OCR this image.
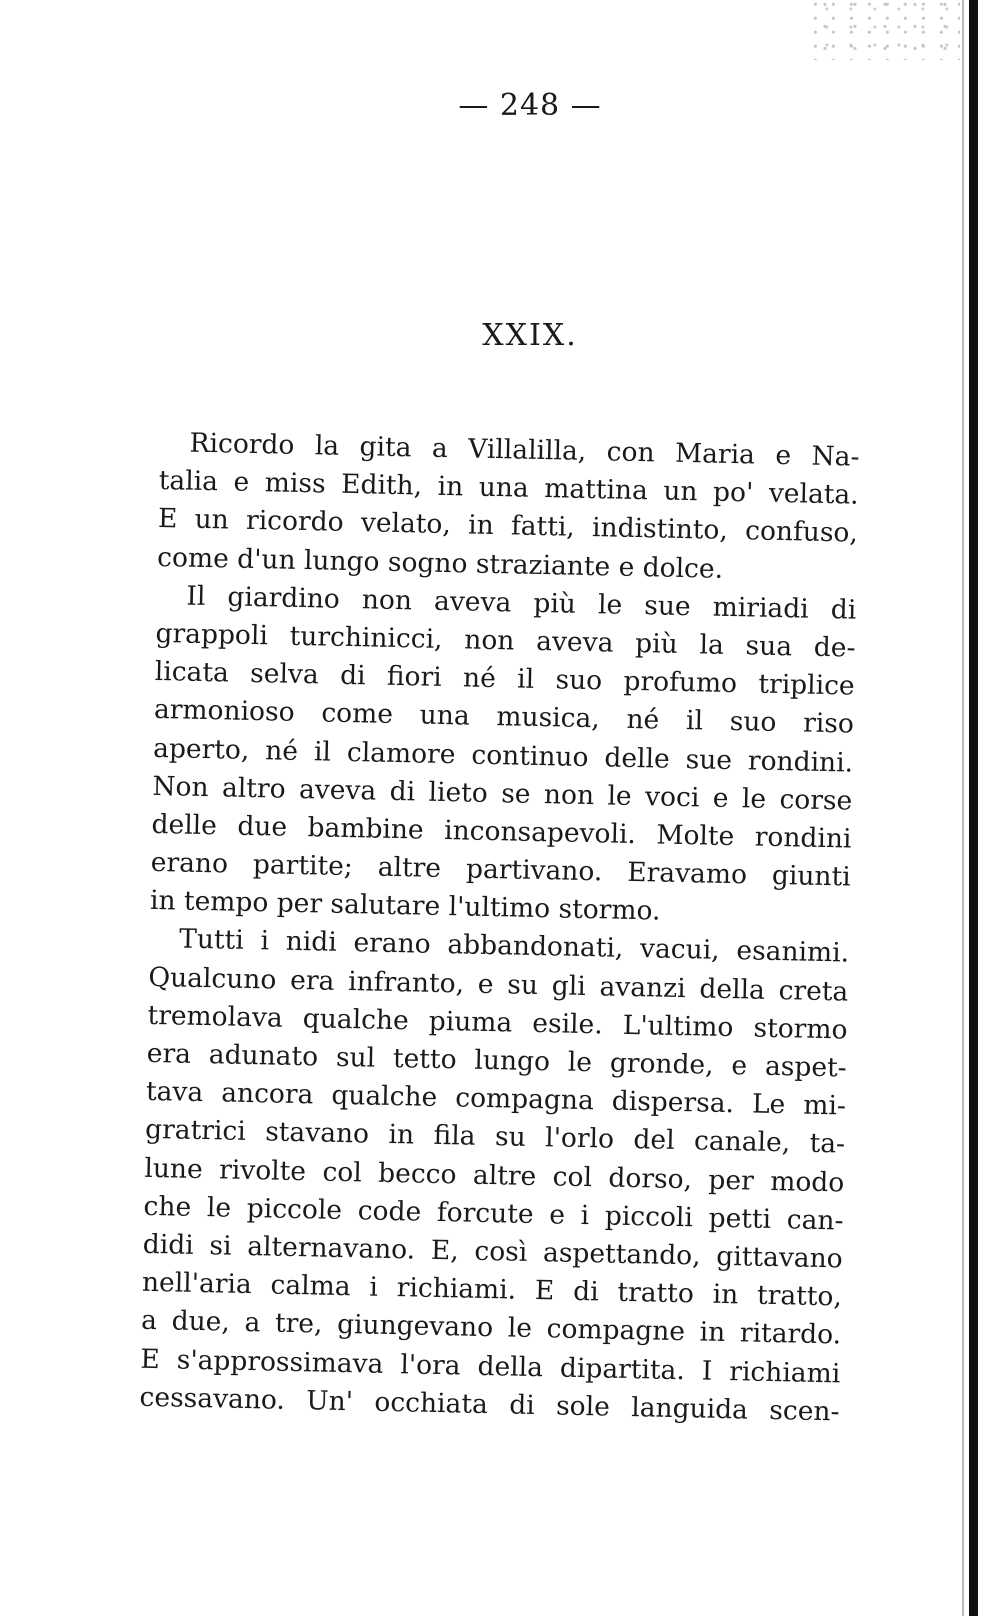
— 248 —
XXIX.
Ricordo la gita a Villalilla, con Maria e Na-
talia e miss Edith, in una mattina un po' velata.
E un ricordo velato, in fatti, indistinto, confuso,
come d'un lungo sogno straziante e dolce.
Il giardino non aveva più le sue miriadi di
grappoli turchinicci, non aveva più la sua de-
licata selva di fiori né il suo profumo triplice
armonioso come una musica, né il suo riso
aperto, né il clamore continuo delle sue rondini.
Non altro aveva di lieto se non le voci e le corse
delle due bambine inconsapevoli. Molte rondini
erano partite; altre partivano. Eravamo giunti
in tempo per salutare l'ultimo stormo.
Tutti i nidi erano abbandonati, vacui, esanimi.
Qualcuno era infranto, e su gli avanzi della creta
tremolava qualche piuma esile. L'ultimo stormo
era adunato sul tetto lungo le gronde, e aspet-
tava ancora qualche compagna dispersa. Le mi-
gratrici stavano in fila su l'orlo del canale, ta-
lune rivolte col becco altre col dorso, per modo
che le piccole code forcute e i piccoli petti can-
didi si alternavano. E, così aspettando, gittavano
nell'aria calma i richiami. E di tratto in tratto,
a due, a tre, giungevano le compagne in ritardo.
E s'approssimava l'ora della dipartita. I richiami
cessavano. Un' occhiata di sole languida scen-
